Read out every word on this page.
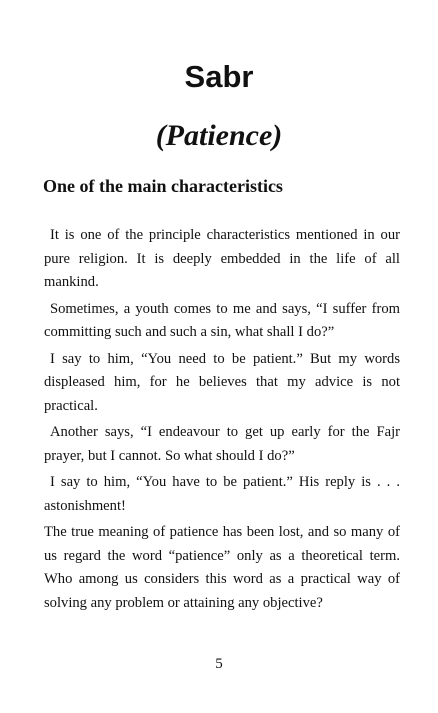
Sabr
(Patience)
One of the main characteristics

It is one of the principle characteristics mentioned in our pure religion. It is deeply embedded in the life of all mankind.

Sometimes, a youth comes to me and says, “I suffer from committing such and such a sin, what shall I do?”

I say to him, “You need to be patient.” But my words displeased him, for he believes that my advice is not practical.

Another says, “I endeavour to get up early for the Fajr prayer, but I cannot. So what should I do?”

I say to him, “You have to be patient.” His reply is . . . astonishment!

The true meaning of patience has been lost, and so many of us regard the word “patience” only as a theoretical term. Who among us considers this word as a practical way of solving any problem or attaining any objective?

5
